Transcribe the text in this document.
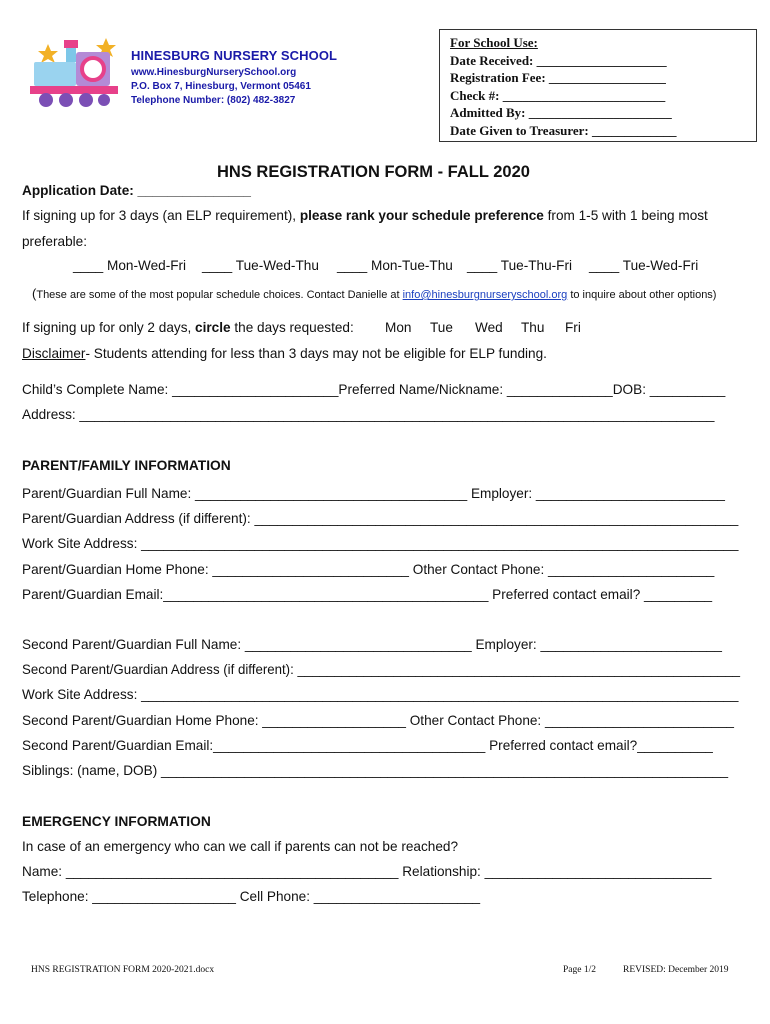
HINESBURG NURSERY SCHOOL
www.HinesburgNurserySchool.org
P.O. Box 7, Hinesburg, Vermont 05461
Telephone Number: (802) 482-3827
For School Use:
Date Received: ____________________
Registration Fee: __________________
Check #: _________________________
Admitted By: ______________________
Date Given to Treasurer: _____________
HNS REGISTRATION FORM - FALL 2020
Application Date: _______________
If signing up for 3 days (an ELP requirement), please rank your schedule preference from 1-5 with 1 being most
preferable:
____ Mon-Wed-Fri ____ Tue-Wed-Thu ____ Mon-Tue-Thu ____ Tue-Thu-Fri ____ Tue-Wed-Fri
(These are some of the most popular schedule choices. Contact Danielle at info@hinesburgnurseryschool.org to inquire about other options)
If signing up for only 2 days, circle the days requested: Mon Tue Wed Thu Fri
Disclaimer- Students attending for less than 3 days may not be eligible for ELP funding.
Child’s Complete Name: ______________________Preferred Name/Nickname: ______________DOB: __________
Address: ____________________________________________________________________________________
PARENT/FAMILY INFORMATION
Parent/Guardian Full Name: ____________________________________ Employer: _________________________
Parent/Guardian Address (if different): ________________________________________________________________
Work Site Address: _______________________________________________________________________________
Parent/Guardian Home Phone: __________________________ Other Contact Phone: ______________________
Parent/Guardian Email:___________________________________________ Preferred contact email? _________
Second Parent/Guardian Full Name: ______________________________ Employer: ________________________
Second Parent/Guardian Address (if different): ____________________________________________________________
Work Site Address: _______________________________________________________________________________
Second Parent/Guardian Home Phone: ___________________ Other Contact Phone: _________________________
Second Parent/Guardian Email:____________________________________ Preferred contact email?__________
Siblings: (name, DOB) ___________________________________________________________________________
EMERGENCY INFORMATION
In case of an emergency who can we call if parents can not be reached?
Name: ____________________________________________ Relationship: ______________________________
Telephone: ___________________ Cell Phone: ______________________
HNS REGISTRATION FORM 2020-2021.docx	Page 1/2	REVISED: December 2019
